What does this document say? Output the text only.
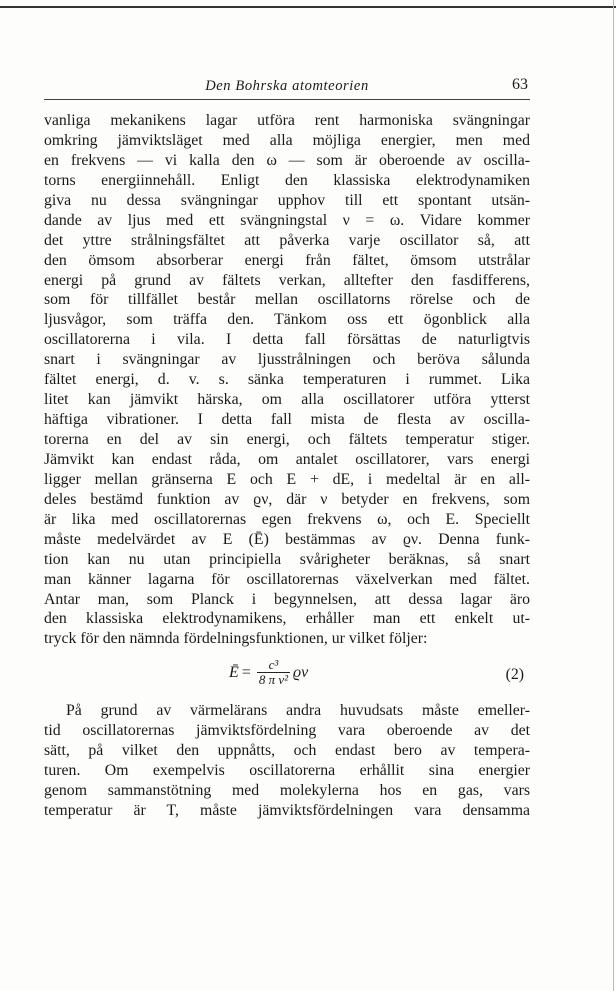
Den Bohrska atomteorien	63
vanliga mekanikens lagar utföra rent harmoniska svängningar
omkring jämviktsläget med alla möjliga energier, men med
en frekvens — vi kalla den ω — som är oberoende av oscilla-
torns energiinnehåll. Enligt den klassiska elektrodynamiken
giva nu dessa svängningar upphov till ett spontant utsän-
dande av ljus med ett svängningstal ν = ω. Vidare kommer
det yttre strålningsfältet att påverka varje oscillator så, att
den ömsom absorberar energi från fältet, ömsom utstrålar
energi på grund av fältets verkan, alltefter den fasdifferens,
som för tillfället består mellan oscillatorns rörelse och de
ljusvågor, som träffa den. Tänkom oss ett ögonblick alla
oscillatorerna i vila. I detta fall försättas de naturligtvis
snart i svängningar av ljusstrålningen och beröva sålunda
fältet energi, d. v. s. sänka temperaturen i rummet. Lika
litet kan jämvikt härska, om alla oscillatorer utföra ytterst
häftiga vibrationer. I detta fall mista de flesta av oscilla-
torerna en del av sin energi, och fältets temperatur stiger.
Jämvikt kan endast råda, om antalet oscillatorer, vars energi
ligger mellan gränserna E och E + dE, i medeltal är en all-
deles bestämd funktion av ϱν, där ν betyder en frekvens, som
är lika med oscillatorernas egen frekvens ω, och E. Speciellt
måste medelvärdet av E (Ē) bestämmas av ϱν. Denna funk-
tion kan nu utan principiella svårigheter beräknas, så snart
man känner lagarna för oscillatorernas växelverkan med fältet.
Antar man, som Planck i begynnelsen, att dessa lagar äro
den klassiska elektrodynamikens, erhåller man ett enkelt ut-
tryck för den nämnda fördelningsfunktionen, ur vilket följer:
Ē = $\frac{\text{c³}}{\text{8 π ν²}}$ ϱν	(2)
På grund av värmelärans andra huvudsats måste emeller-
tid oscillatorernas jämviktsfördelning vara oberoende av det
sätt, på vilket den uppnåtts, och endast bero av tempera-
turen. Om exempelvis oscillatorerna erhållit sina energier
genom sammanstötning med molekylerna hos en gas, vars
temperatur är T, måste jämviktsfördelningen vara densamma
